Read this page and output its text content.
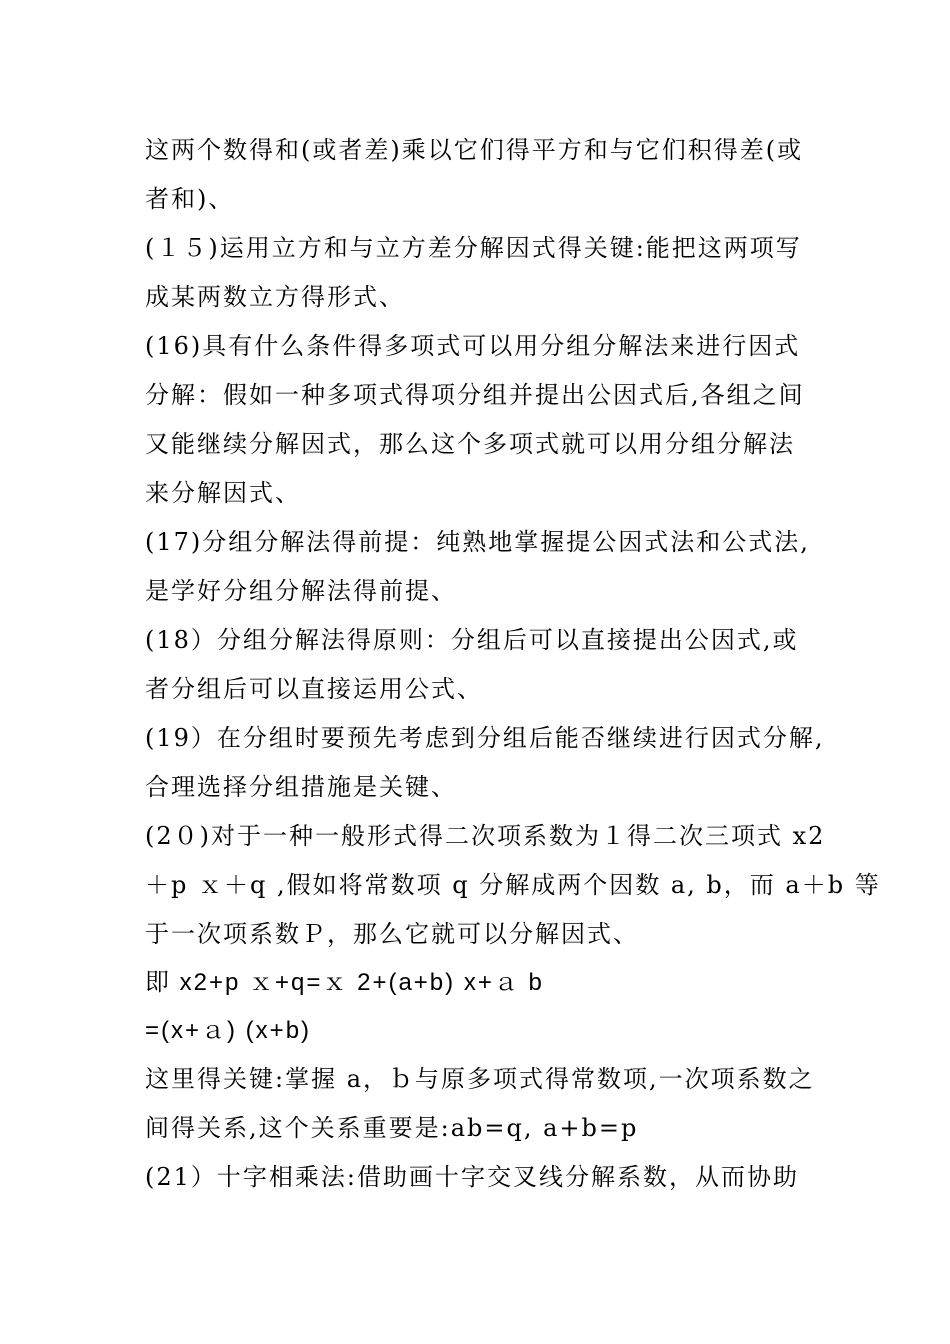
这两个数得和(或者差)乘以它们得平方和与它们积得差(或
者和)、
(１５)运用立方和与立方差分解因式得关键:能把这两项写
成某两数立方得形式、
(16)具有什么条件得多项式可以用分组分解法来进行因式
分解：假如一种多项式得项分组并提出公因式后,各组之间
又能继续分解因式，那么这个多项式就可以用分组分解法
来分解因式、
(17)分组分解法得前提：纯熟地掌握提公因式法和公式法,
是学好分组分解法得前提、
(18）分组分解法得原则：分组后可以直接提出公因式,或
者分组后可以直接运用公式、
(19）在分组时要预先考虑到分组后能否继续进行因式分解,
合理选择分组措施是关键、
(2０)对于一种一般形式得二次项系数为１得二次三项式 x2
＋p ｘ＋q ,假如将常数项 q 分解成两个因数 a, b，而 a＋b 等
于一次项系数Ｐ，那么它就可以分解因式、
即 x2+p ｘ+q=ｘ 2+(a+b) x+ａ b
=(x+ａ) (x+b)
这里得关键:掌握 a，ｂ与原多项式得常数项,一次项系数之
间得关系,这个关系重要是:ab=q, a+b=p
(21）十字相乘法:借助画十字交叉线分解系数，从而协助
